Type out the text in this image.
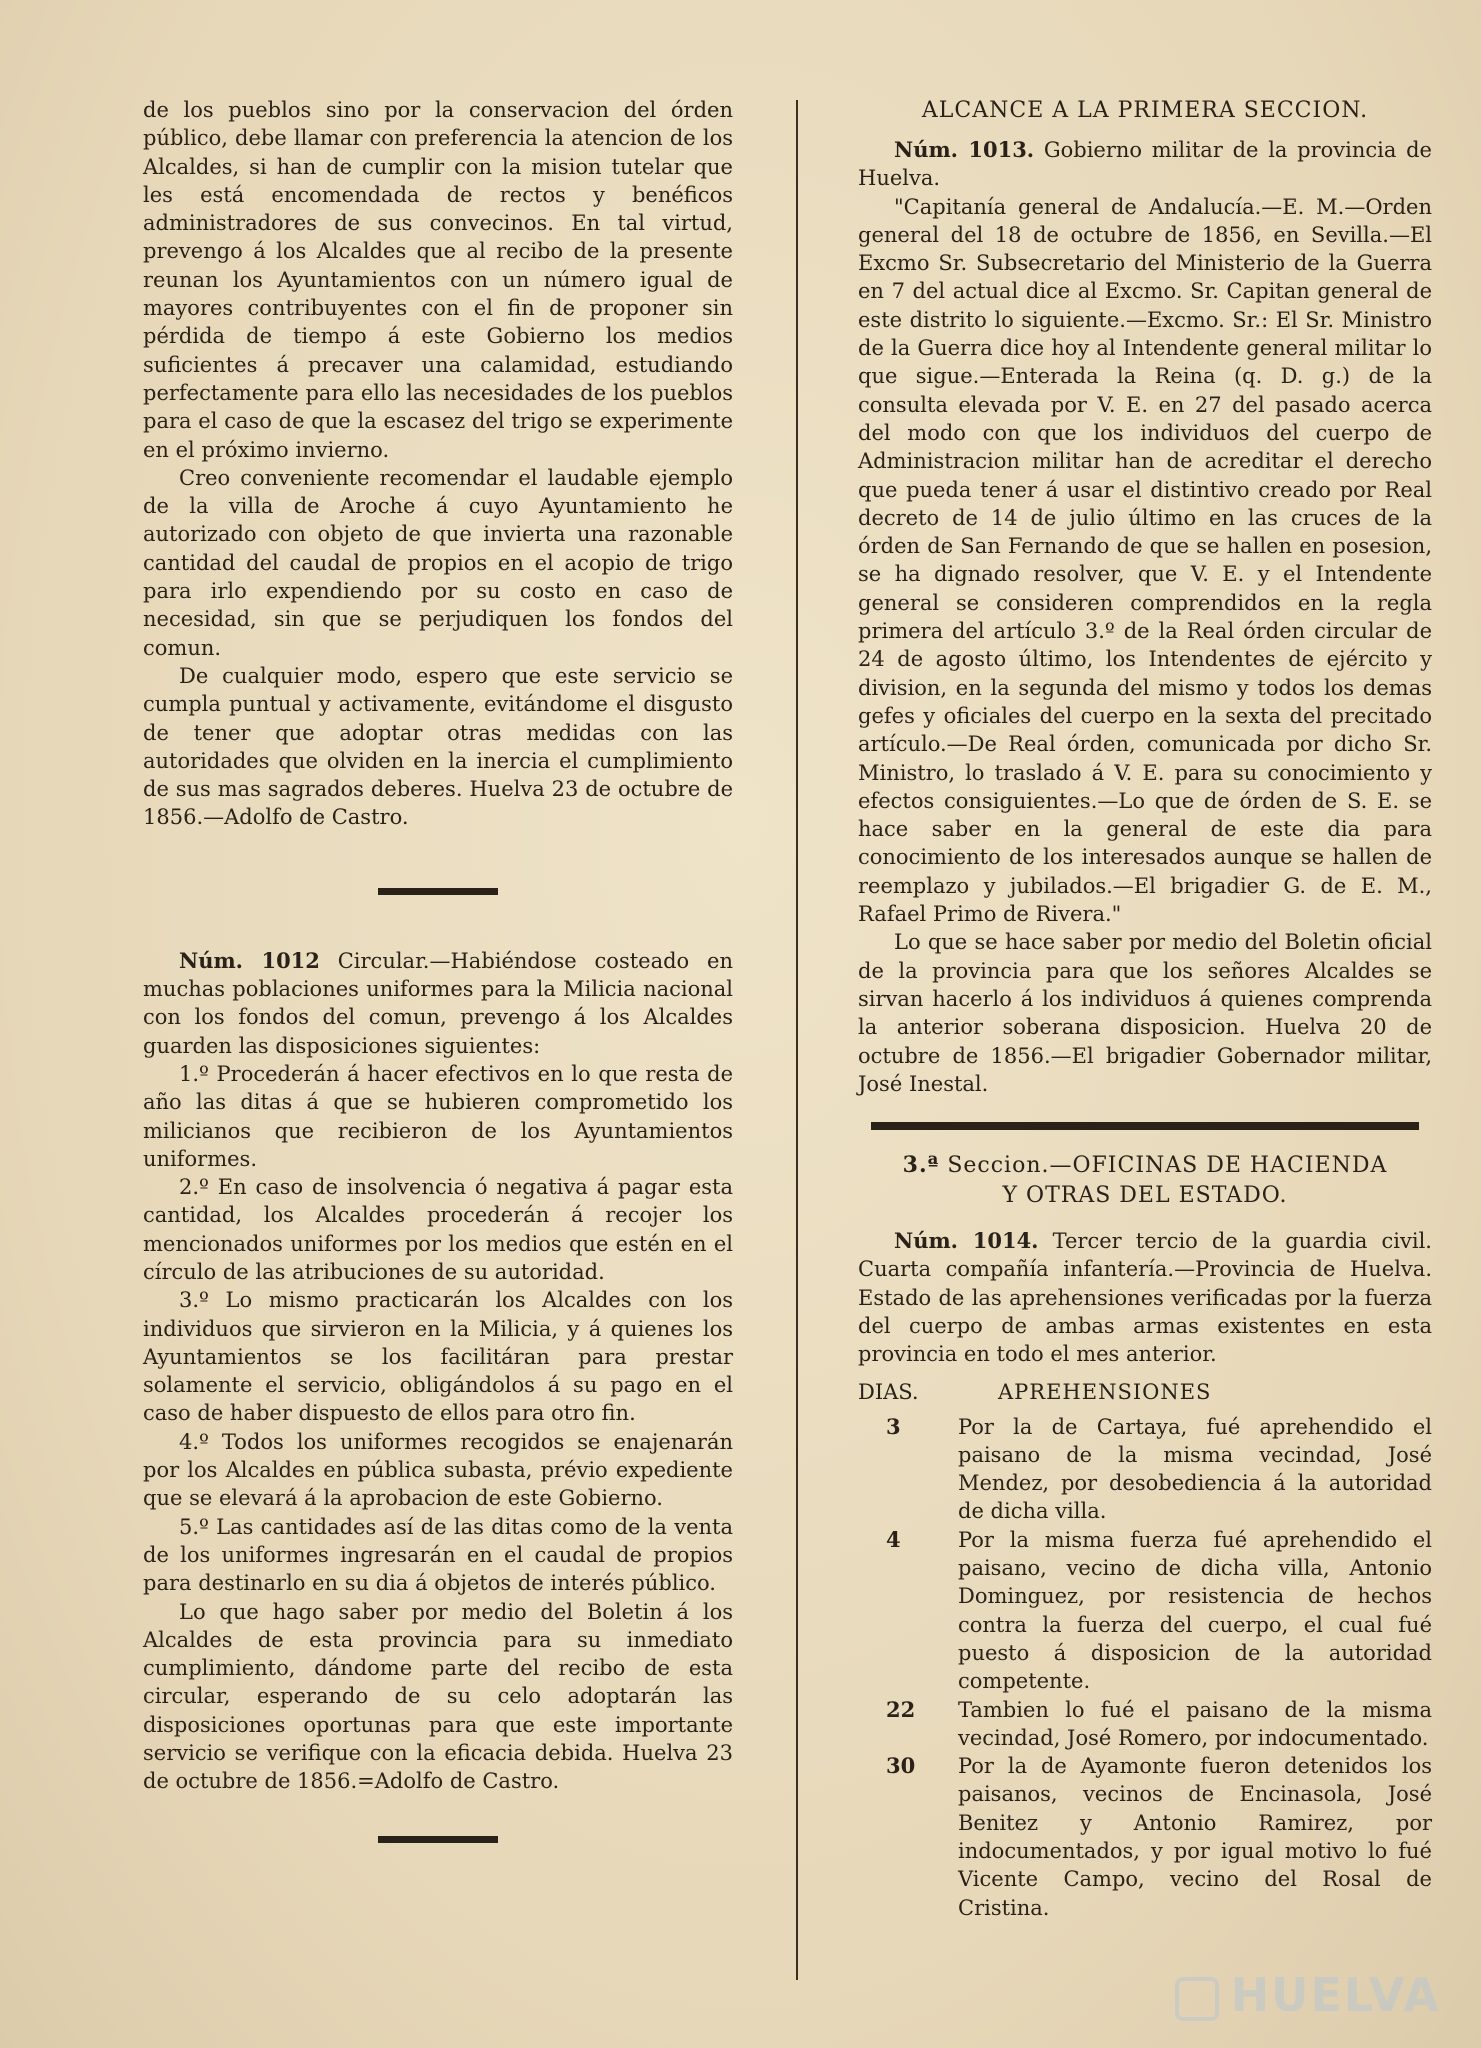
de los pueblos sino por la conservacion del órden público, debe llamar con preferencia la atencion de los Alcaldes, si han de cumplir con la mision tutelar que les está encomendada de rectos y benéficos administradores de sus convecinos. En tal virtud, prevengo á los Alcaldes que al recibo de la presente reunan los Ayuntamientos con un número igual de mayores contribuyentes con el fin de proponer sin pérdida de tiempo á este Gobierno los medios suficientes á precaver una calamidad, estudiando perfectamente para ello las necesidades de los pueblos para el caso de que la escasez del trigo se experimente en el próximo invierno.

Creo conveniente recomendar el laudable ejemplo de la villa de Aroche á cuyo Ayuntamiento he autorizado con objeto de que invierta una razonable cantidad del caudal de propios en el acopio de trigo para irlo expendiendo por su costo en caso de necesidad, sin que se perjudiquen los fondos del comun.

De cualquier modo, espero que este servicio se cumpla puntual y activamente, evitándome el disgusto de tener que adoptar otras medidas con las autoridades que olviden en la inercia el cumplimiento de sus mas sagrados deberes. Huelva 23 de octubre de 1856.—Adolfo de Castro.

Núm. 1012 Circular.—Habiéndose costeado en muchas poblaciones uniformes para la Milicia nacional con los fondos del comun, prevengo á los Alcaldes guarden las disposiciones siguientes:

1.º Procederán á hacer efectivos en lo que resta de año las ditas á que se hubieren comprometido los milicianos que recibieron de los Ayuntamientos uniformes.

2.º En caso de insolvencia ó negativa á pagar esta cantidad, los Alcaldes procederán á recojer los mencionados uniformes por los medios que estén en el círculo de las atribuciones de su autoridad.

3.º Lo mismo practicarán los Alcaldes con los individuos que sirvieron en la Milicia, y á quienes los Ayuntamientos se los facilitáran para prestar solamente el servicio, obligándolos á su pago en el caso de haber dispuesto de ellos para otro fin.

4.º Todos los uniformes recogidos se enajenarán por los Alcaldes en pública subasta, prévio expediente que se elevará á la aprobacion de este Gobierno.

5.º Las cantidades así de las ditas como de la venta de los uniformes ingresarán en el caudal de propios para destinarlo en su dia á objetos de interés público.

Lo que hago saber por medio del Boletin á los Alcaldes de esta provincia para su inmediato cumplimiento, dándome parte del recibo de esta circular, esperando de su celo adoptarán las disposiciones oportunas para que este importante servicio se verifique con la eficacia debida. Huelva 23 de octubre de 1856.=Adolfo de Castro.

ALCANCE A LA PRIMERA SECCION.

Núm. 1013. Gobierno militar de la provincia de Huelva.

"Capitanía general de Andalucía.—E. M.—Orden general del 18 de octubre de 1856, en Sevilla.—El Excmo Sr. Subsecretario del Ministerio de la Guerra en 7 del actual dice al Excmo. Sr. Capitan general de este distrito lo siguiente.—Excmo. Sr.: El Sr. Ministro de la Guerra dice hoy al Intendente general militar lo que sigue.—Enterada la Reina (q. D. g.) de la consulta elevada por V. E. en 27 del pasado acerca del modo con que los individuos del cuerpo de Administracion militar han de acreditar el derecho que pueda tener á usar el distintivo creado por Real decreto de 14 de julio último en las cruces de la órden de San Fernando de que se hallen en posesion, se ha dignado resolver, que V. E. y el Intendente general se consideren comprendidos en la regla primera del artículo 3.º de la Real órden circular de 24 de agosto último, los Intendentes de ejército y division, en la segunda del mismo y todos los demas gefes y oficiales del cuerpo en la sexta del precitado artículo.—De Real órden, comunicada por dicho Sr. Ministro, lo traslado á V. E. para su conocimiento y efectos consiguientes.—Lo que de órden de S. E. se hace saber en la general de este dia para conocimiento de los interesados aunque se hallen de reemplazo y jubilados.—El brigadier G. de E. M., Rafael Primo de Rivera."

Lo que se hace saber por medio del Boletin oficial de la provincia para que los señores Alcaldes se sirvan hacerlo á los individuos á quienes comprenda la anterior soberana disposicion. Huelva 20 de octubre de 1856.—El brigadier Gobernador militar, José Inestal.

3.ª Seccion.—OFICINAS DE HACIENDA
Y OTRAS DEL ESTADO.

Núm. 1014. Tercer tercio de la guardia civil. Cuarta compañía infantería.—Provincia de Huelva. Estado de las aprehensiones verificadas por la fuerza del cuerpo de ambas armas existentes en esta provincia en todo el mes anterior.

DIAS.	APREHENSIONES
3	Por la de Cartaya, fué aprehendido el paisano de la misma vecindad, José Mendez, por desobediencia á la autoridad de dicha villa.
4	Por la misma fuerza fué aprehendido el paisano, vecino de dicha villa, Antonio Dominguez, por resistencia de hechos contra la fuerza del cuerpo, el cual fué puesto á disposicion de la autoridad competente.
22	Tambien lo fué el paisano de la misma vecindad, José Romero, por indocumentado.
30	Por la de Ayamonte fueron detenidos los paisanos, vecinos de Encinasola, José Benitez y Antonio Ramirez, por indocumentados, y por igual motivo lo fué Vicente Campo, vecino del Rosal de Cristina.
HUELVA
